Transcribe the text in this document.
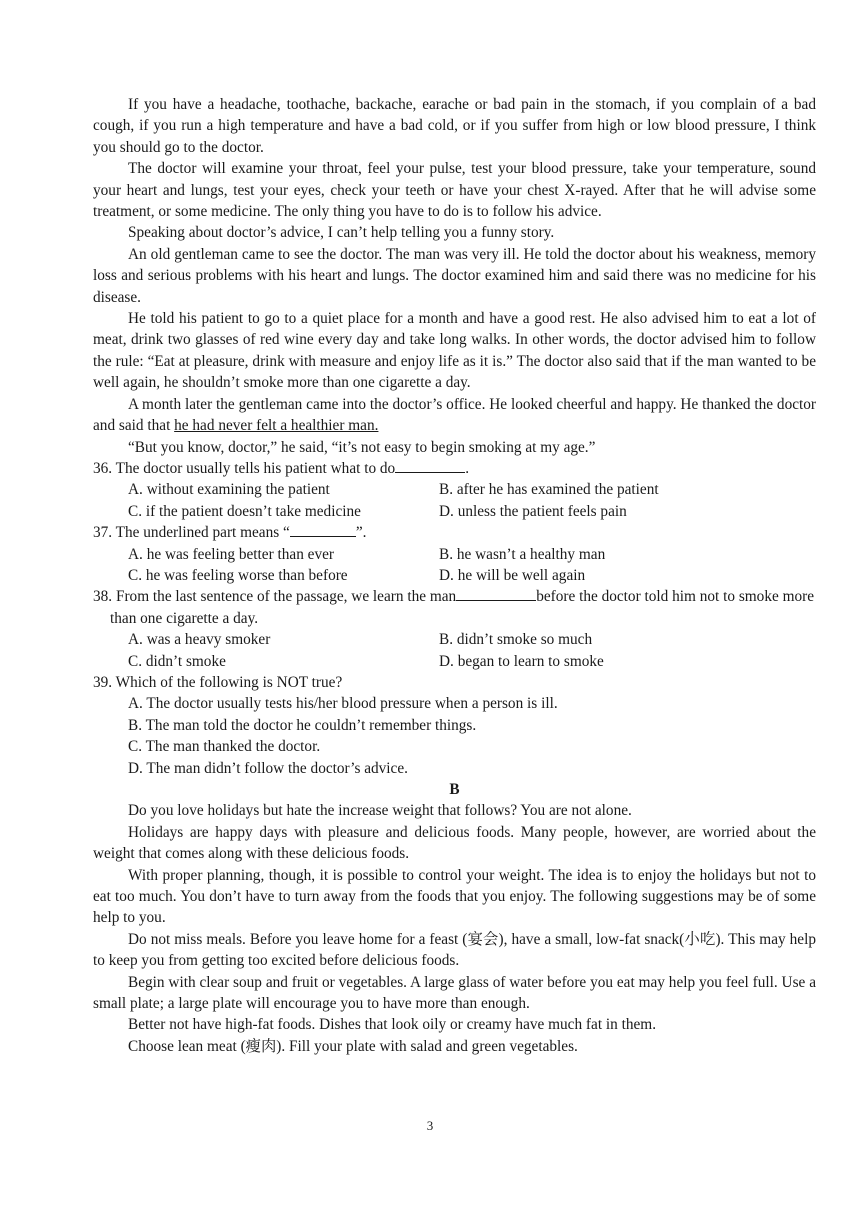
If you have a headache, toothache, backache, earache or bad pain in the stomach, if you complain of a bad cough, if you run a high temperature and have a bad cold, or if you suffer from high or low blood pressure, I think you should go to the doctor.

The doctor will examine your throat, feel your pulse, test your blood pressure, take your temperature, sound your heart and lungs, test your eyes, check your teeth or have your chest X-rayed. After that he will advise some treatment, or some medicine. The only thing you have to do is to follow his advice.

Speaking about doctor’s advice, I can’t help telling you a funny story.

An old gentleman came to see the doctor. The man was very ill. He told the doctor about his weakness, memory loss and serious problems with his heart and lungs. The doctor examined him and said there was no medicine for his disease.

He told his patient to go to a quiet place for a month and have a good rest. He also advised him to eat a lot of meat, drink two glasses of red wine every day and take long walks. In other words, the doctor advised him to follow the rule: “Eat at pleasure, drink with measure and enjoy life as it is.” The doctor also said that if the man wanted to be well again, he shouldn’t smoke more than one cigarette a day.

A month later the gentleman came into the doctor’s office. He looked cheerful and happy. He thanked the doctor and said that he had never felt a healthier man.

“But you know, doctor,” he said, “it’s not easy to begin smoking at my age.”

36. The doctor usually tells his patient what to do	.

A. without examining the patient	B. after he has examined the patient
C. if the patient doesn’t take medicine	D. unless the patient feels pain

37. The underlined part means “	”.

A. he was feeling better than ever	B. he wasn’t a healthy man
C. he was feeling worse than before	D. he will be well again

38. From the last sentence of the passage, we learn the man	before the doctor told him not to smoke more than one cigarette a day.

A. was a heavy smoker	B. didn’t smoke so much
C. didn’t smoke	D. began to learn to smoke

39. Which of the following is NOT true?

A. The doctor usually tests his/her blood pressure when a person is ill.

B. The man told the doctor he couldn’t remember things.

C. The man thanked the doctor.

D. The man didn’t follow the doctor’s advice.

B

Do you love holidays but hate the increase weight that follows? You are not alone.

Holidays are happy days with pleasure and delicious foods. Many people, however, are worried about the weight that comes along with these delicious foods.

With proper planning, though, it is possible to control your weight. The idea is to enjoy the holidays but not to eat too much. You don’t have to turn away from the foods that you enjoy. The following suggestions may be of some help to you.

Do not miss meals. Before you leave home for a feast (宴会), have a small, low-fat snack(小吃). This may help to keep you from getting too excited before delicious foods.

Begin with clear soup and fruit or vegetables. A large glass of water before you eat may help you feel full. Use a small plate; a large plate will encourage you to have more than enough.

Better not have high-fat foods. Dishes that look oily or creamy have much fat in them.

Choose lean meat (瘦肉). Fill your plate with salad and green vegetables.

3
